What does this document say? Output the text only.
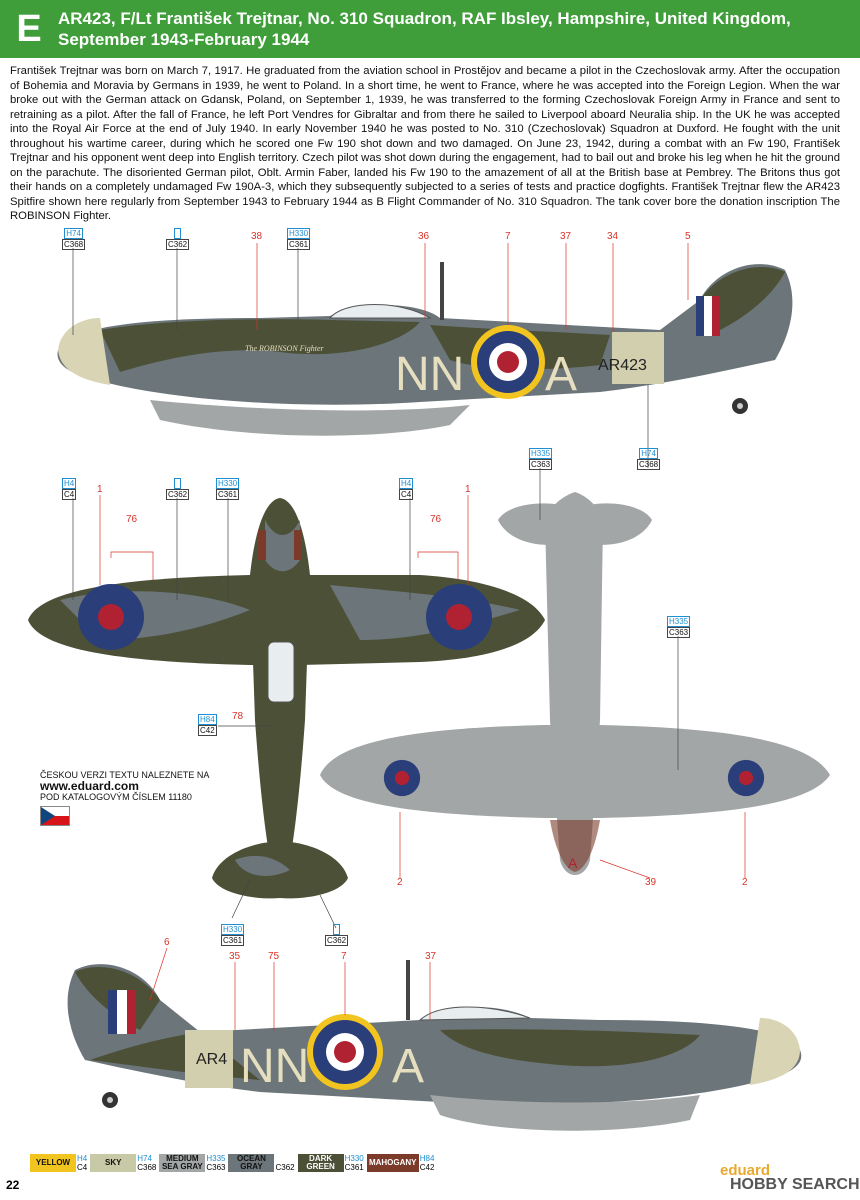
E AR423, F/Lt František Trejtnar, No. 310 Squadron, RAF Ibsley, Hampshire, United Kingdom, September 1943-February 1944
František Trejtnar was born on March 7, 1917. He graduated from the aviation school in Prostějov and became a pilot in the Czechoslovak army. After the occupation of Bohemia and Moravia by Germans in 1939, he went to Poland. In a short time, he went to France, where he was accepted into the Foreign Legion. When the war broke out with the German attack on Gdansk, Poland, on September 1, 1939, he was transferred to the forming Czechoslovak Foreign Army in France and sent to retraining as a pilot. After the fall of France, he left Port Vendres for Gibraltar and from there he sailed to Liverpool aboard Neuralia ship. In the UK he was accepted into the Royal Air Force at the end of July 1940. In early November 1940 he was posted to No. 310 (Czechoslovak) Squadron at Duxford. He fought with the unit throughout his wartime career, during which he scored one Fw 190 shot down and two damaged. On June 23, 1942, during a combat with an Fw 190, František Trejtnar and his opponent went deep into English territory. Czech pilot was shot down during the engagement, had to bail out and broke his leg when he hit the ground on the parachute. The disoriented German pilot, Oblt. Armin Faber, landed his Fw 190 to the amazement of all at the British base at Pembrey. The Britons thus got their hands on a completely undamaged Fw 190A-3, which they subsequently subjected to a series of tests and practice dogfights. František Trejtnar flew the AR423 Spitfire shown here regularly from September 1943 to February 1944 as B Flight Commander of No. 310 Squadron. The tank cover bore the donation inscription The ROBINSON Fighter.
NN A AR423
The ROBINSON Fighter
A
NN A
AR4
H74
C368
	C362
H330
C361
H335
C363
H74
C368
H4
C4
	C362
H330
C361
H4
C4
H335
C363
H84
C42
H330
C361
	C362
38	36	7	37	34	5
1
76
1
76
78
2	2
39
6
35	75	7	37
ČESKOU VERZI TEXTU NALEZNETE NA
www.eduard.com
POD KATALOGOVÝM ČÍSLEM 11180
YELLOW H4
C4
SKY	H74
C368
MEDIUM SEA GRAY
H335
C363
OCEAN GRAY
	C362
DARK GREEN
H330
C361
MAHOGANY H84
C42
22
eduard
HOBBY SEARCH
